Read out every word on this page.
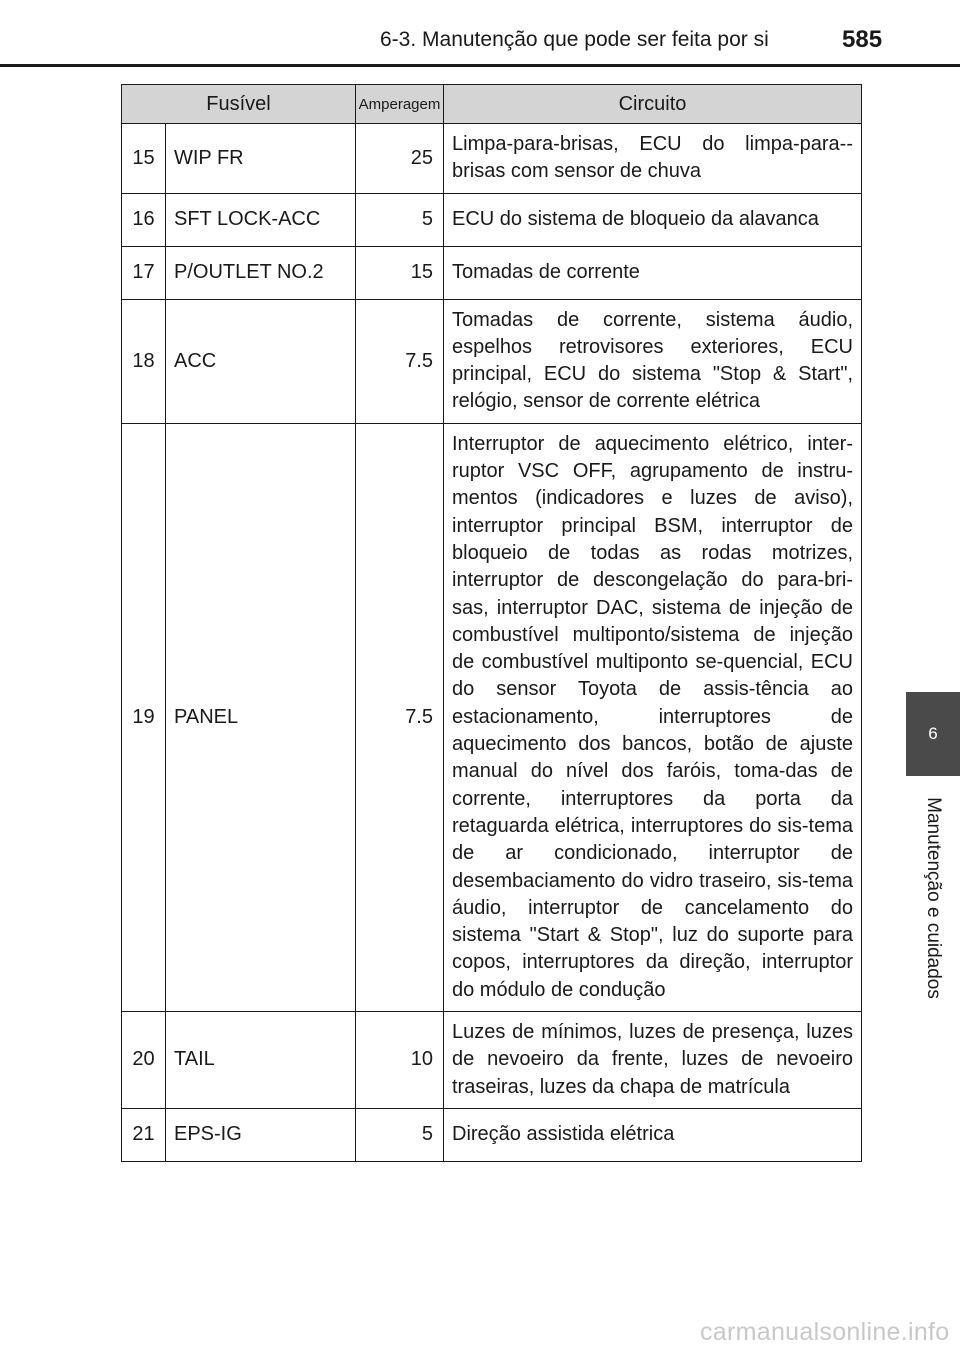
6-3. Manutenção que pode ser feita por si	585
6
Manutenção e cuidados
Fusível		Amperagem	Circuito
15	WIP FR	25	Limpa-para-brisas, ECU do limpa-para--brisas com sensor de chuva
16	SFT LOCK-ACC	5	ECU do sistema de bloqueio da alavanca
17	P/OUTLET NO.2	15	Tomadas de corrente
18	ACC	7.5	Tomadas de corrente, sistema áudio, espelhos retrovisores exteriores, ECU principal, ECU do sistema "Stop & Start", relógio, sensor de corrente elétrica
19	PANEL	7.5	Interruptor de aquecimento elétrico, inter-ruptor VSC OFF, agrupamento de instru-mentos (indicadores e luzes de aviso), interruptor principal BSM, interruptor de bloqueio de todas as rodas motrizes, interruptor de descongelação do para-bri-sas, interruptor DAC, sistema de injeção de combustível multiponto/sistema de injeção de combustível multiponto se-quencial, ECU do sensor Toyota de assis-tência ao estacionamento, interruptores de aquecimento dos bancos, botão de ajuste manual do nível dos faróis, toma-das de corrente, interruptores da porta da retaguarda elétrica, interruptores do sis-tema de ar condicionado, interruptor de desembaciamento do vidro traseiro, sis-tema áudio, interruptor de cancelamento do sistema "Start & Stop", luz do suporte para copos, interruptores da direção, interruptor do módulo de condução
20	TAIL	10	Luzes de mínimos, luzes de presença, luzes de nevoeiro da frente, luzes de nevoeiro traseiras, luzes da chapa de matrícula
21	EPS-IG	5	Direção assistida elétrica
carmanualsonline.info
